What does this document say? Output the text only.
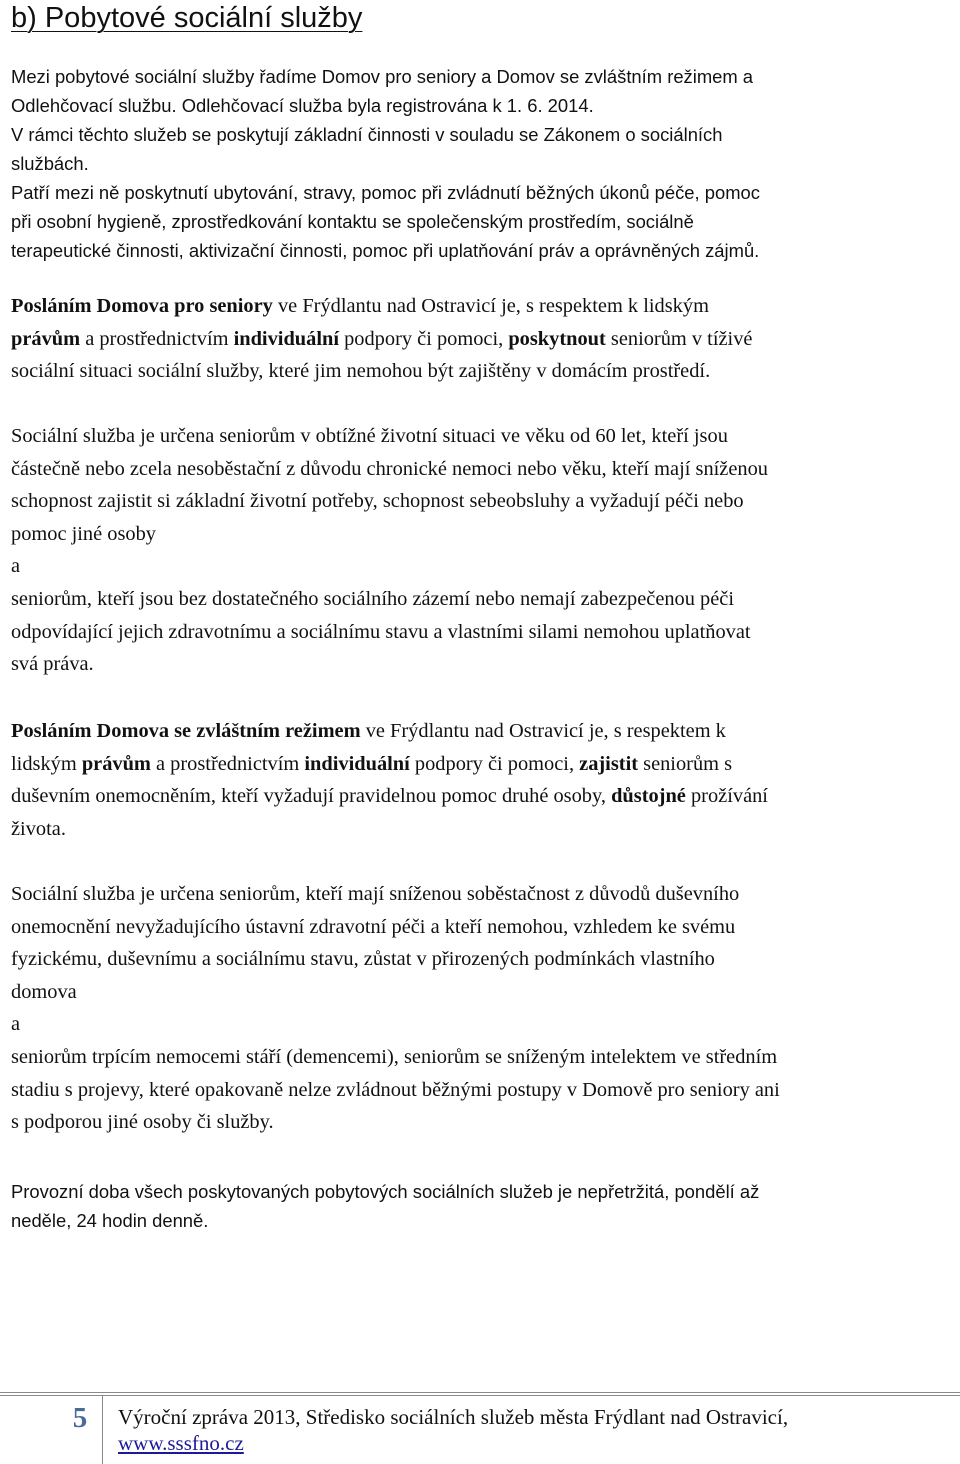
b) Pobytové sociální služby
Mezi pobytové sociální služby řadíme Domov pro seniory a Domov se zvláštním režimem a
Odlehčovací službu. Odlehčovací služba byla registrována k 1. 6. 2014.
V rámci těchto služeb se poskytují základní činnosti v souladu se Zákonem o sociálních
službách.
Patří mezi ně poskytnutí ubytování, stravy, pomoc při zvládnutí běžných úkonů péče, pomoc
při osobní hygieně, zprostředkování kontaktu se společenským prostředím, sociálně
terapeutické činnosti, aktivizační činnosti, pomoc při uplatňování práv a oprávněných zájmů.
Posláním Domova pro seniory ve Frýdlantu nad Ostravicí je, s respektem k lidským
právům a prostřednictvím individuální podpory či pomoci, poskytnout seniorům v tíživé
sociální situaci sociální služby, které jim nemohou být zajištěny v domácím prostředí.
Sociální služba je určena seniorům v obtížné životní situaci ve věku od 60 let, kteří jsou
částečně nebo zcela nesoběstační z důvodu chronické nemoci nebo věku, kteří mají sníženou
schopnost zajistit si základní životní potřeby, schopnost sebeobsluhy a vyžadují péči nebo
pomoc jiné osoby
a
seniorům, kteří jsou bez dostatečného sociálního zázemí nebo nemají zabezpečenou péči
odpovídající jejich zdravotnímu a sociálnímu stavu a vlastními silami nemohou uplatňovat
svá práva.
Posláním Domova se zvláštním režimem ve Frýdlantu nad Ostravicí je, s respektem k
lidským právům a prostřednictvím individuální podpory či pomoci, zajistit seniorům s
duševním onemocněním, kteří vyžadují pravidelnou pomoc druhé osoby, důstojné prožívání
života.
Sociální služba je určena seniorům, kteří mají sníženou soběstačnost z důvodů duševního
onemocnění nevyžadujícího ústavní zdravotní péči a kteří nemohou, vzhledem ke svému
fyzickému, duševnímu a sociálnímu stavu, zůstat v přirozených podmínkách vlastního
domova
a
seniorům trpícím nemocemi stáří (demencemi), seniorům se sníženým intelektem ve středním
stadiu s projevy, které opakovaně nelze zvládnout běžnými postupy v Domově pro seniory ani
s podporou jiné osoby či služby.
Provozní doba všech poskytovaných pobytových sociálních služeb je nepřetržitá, pondělí až
neděle, 24 hodin denně.
5	Výroční zpráva 2013, Středisko sociálních služeb města Frýdlant nad Ostravicí,
www.sssfno.cz
